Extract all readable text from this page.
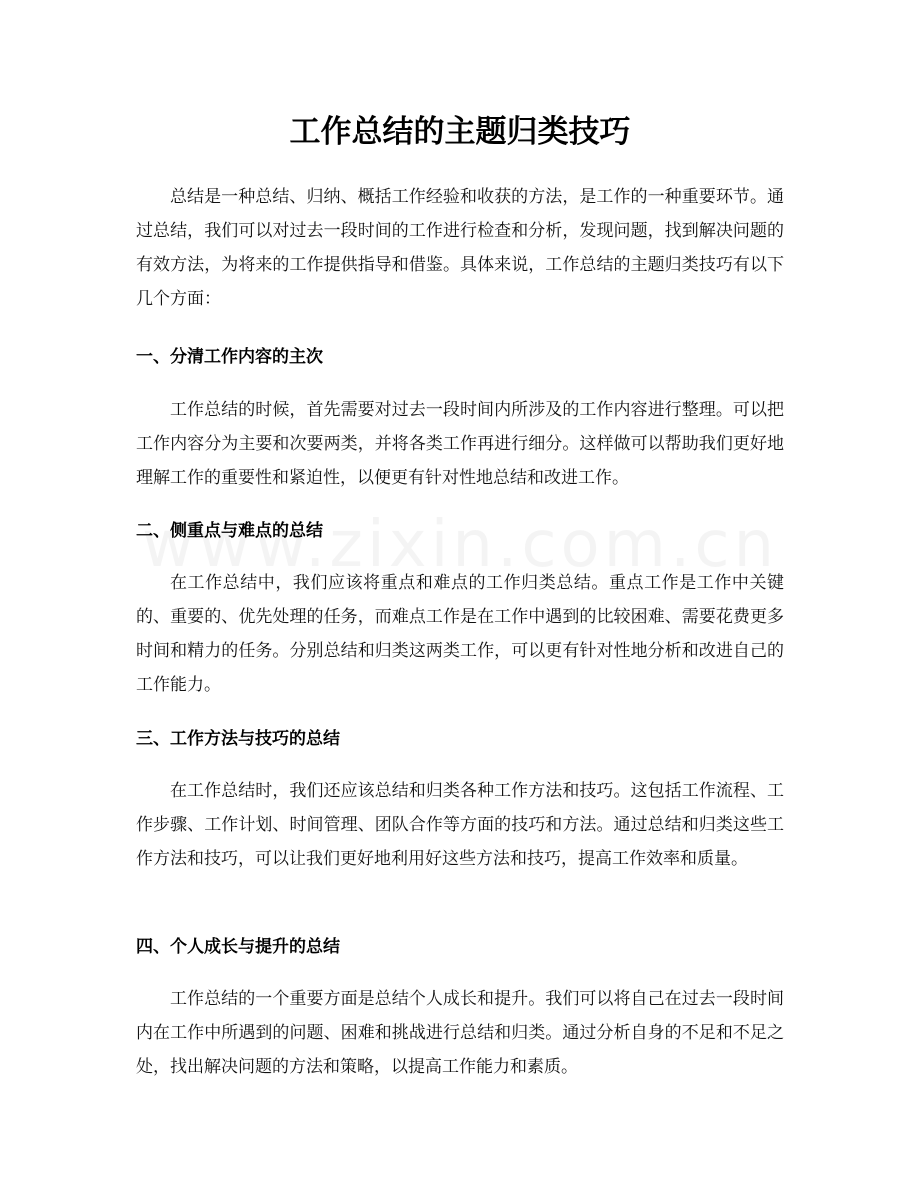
工作总结的主题归类技巧

总结是一种总结、归纳、概括工作经验和收获的方法，是工作的一种重要环节。通过总结，我们可以对过去一段时间的工作进行检查和分析，发现问题，找到解决问题的有效方法，为将来的工作提供指导和借鉴。具体来说，工作总结的主题归类技巧有以下几个方面：

一、分清工作内容的主次

工作总结的时候，首先需要对过去一段时间内所涉及的工作内容进行整理。可以把工作内容分为主要和次要两类，并将各类工作再进行细分。这样做可以帮助我们更好地理解工作的重要性和紧迫性，以便更有针对性地总结和改进工作。

二、侧重点与难点的总结

在工作总结中，我们应该将重点和难点的工作归类总结。重点工作是工作中关键的、重要的、优先处理的任务，而难点工作是在工作中遇到的比较困难、需要花费更多时间和精力的任务。分别总结和归类这两类工作，可以更有针对性地分析和改进自己的工作能力。

三、工作方法与技巧的总结

在工作总结时，我们还应该总结和归类各种工作方法和技巧。这包括工作流程、工作步骤、工作计划、时间管理、团队合作等方面的技巧和方法。通过总结和归类这些工作方法和技巧，可以让我们更好地利用好这些方法和技巧，提高工作效率和质量。

四、个人成长与提升的总结

工作总结的一个重要方面是总结个人成长和提升。我们可以将自己在过去一段时间内在工作中所遇到的问题、困难和挑战进行总结和归类。通过分析自身的不足和不足之处，找出解决问题的方法和策略，以提高工作能力和素质。
